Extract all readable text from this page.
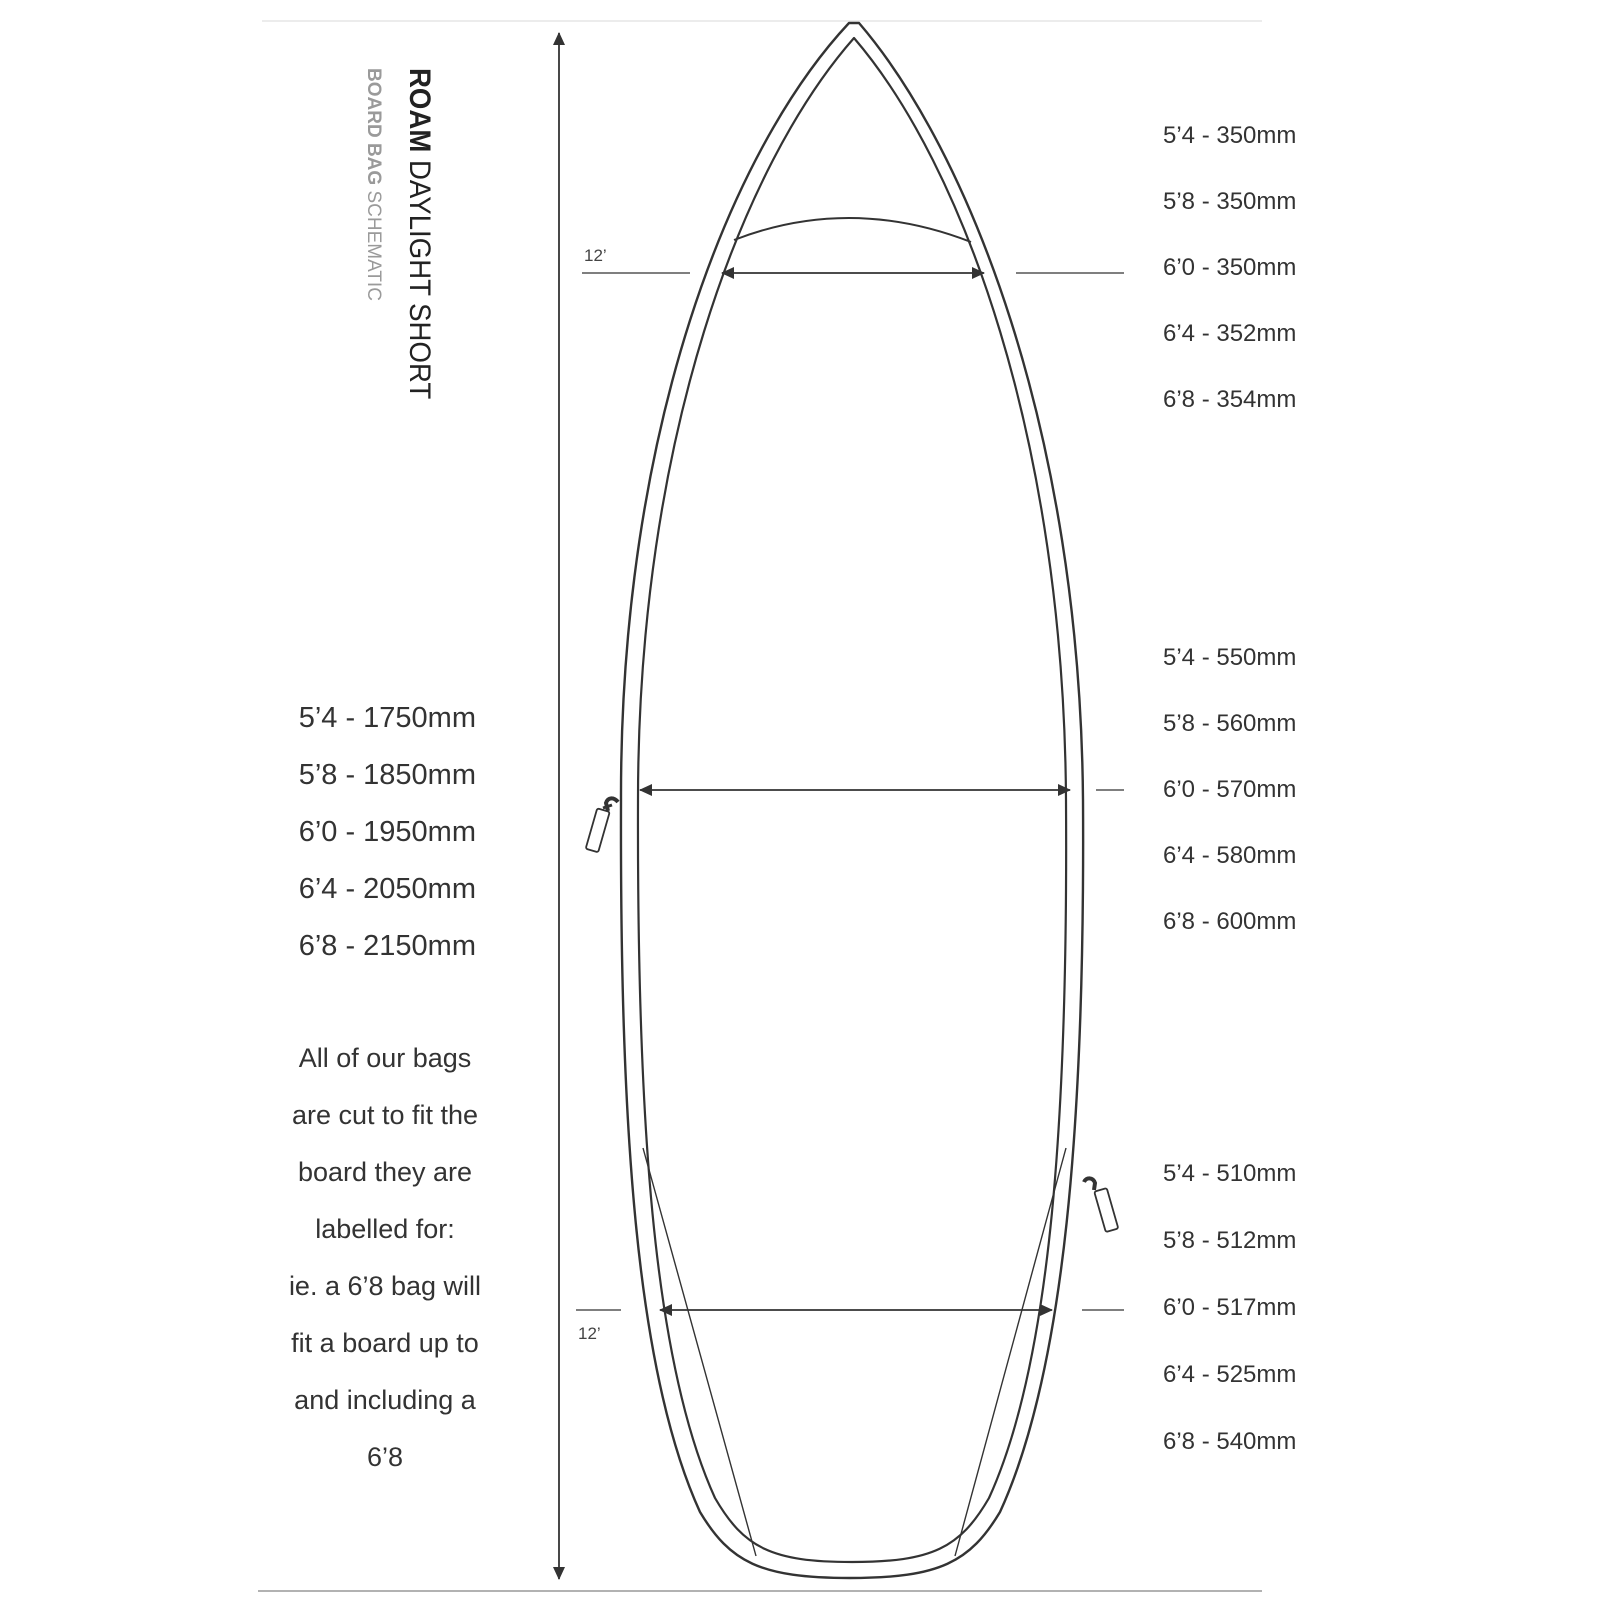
ROAM DAYLIGHT SHORT
BOARD BAG SCHEMATIC	12’
12’
5’4 - 350mm
5’8 - 350mm
6’0 - 350mm
6’4 - 352mm
6’8 - 354mm
5’4 - 550mm
5’8 - 560mm
6’0 - 570mm
6’4 - 580mm
6’8 - 600mm
5’4 - 510mm
5’8 - 512mm
6’0 - 517mm
6’4 - 525mm
6’8 - 540mm
5’4 - 1750mm
5’8 - 1850mm
6’0 - 1950mm
6’4 - 2050mm
6’8 - 2150mm
All of our bags
are cut to fit the
board they are
labelled for:
ie. a 6’8 bag will
fit a board up to
and including a
6’8
